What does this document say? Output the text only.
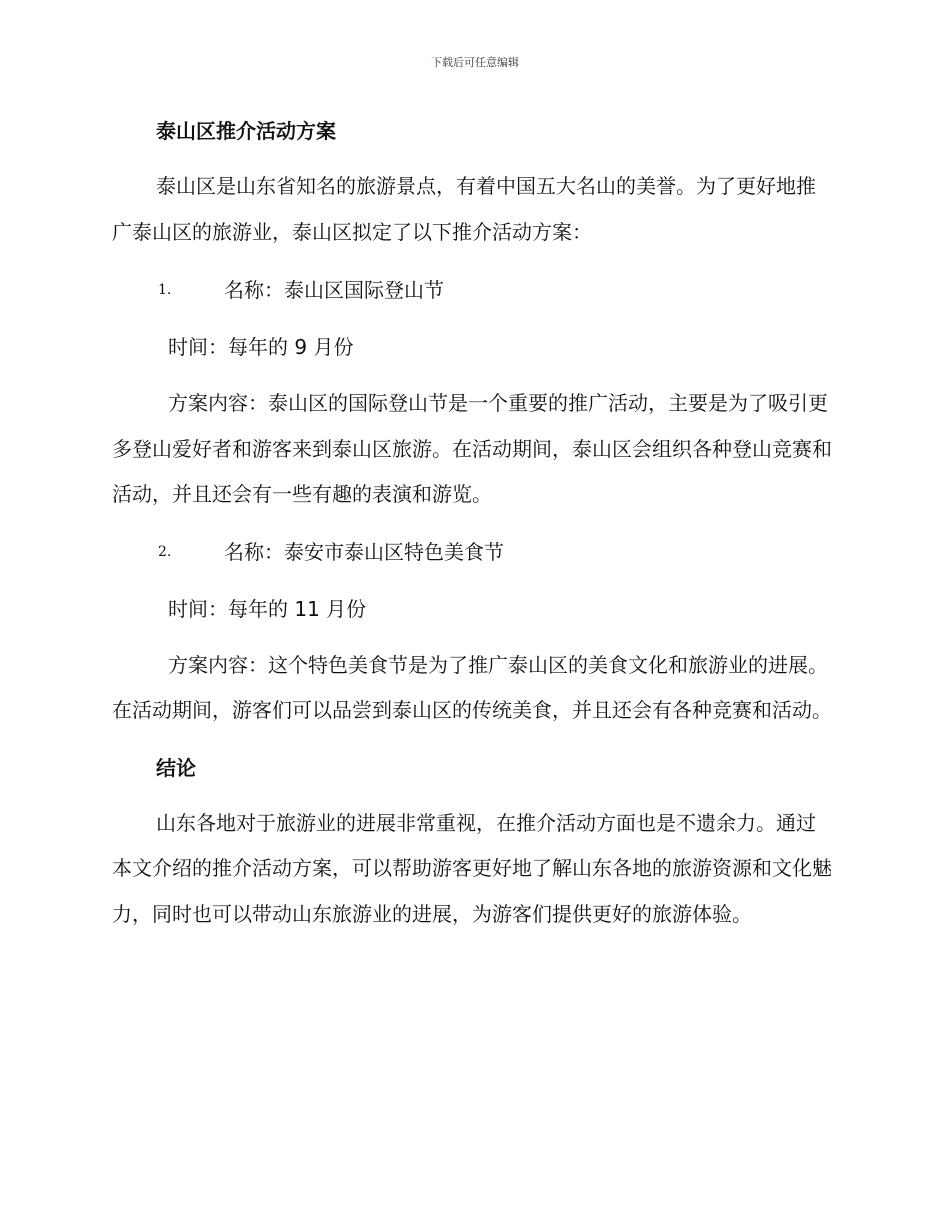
下载后可任意编辑
泰山区推介活动方案

泰山区是山东省知名的旅游景点，有着中国五大名山的美誉。为了更好地推广泰山区的旅游业，泰山区拟定了以下推介活动方案：

1.	名称：泰山区国际登山节
时间：每年的 9 月份

方案内容：泰山区的国际登山节是一个重要的推广活动，主要是为了吸引更多登山爱好者和游客来到泰山区旅游。在活动期间，泰山区会组织各种登山竞赛和活动，并且还会有一些有趣的表演和游览。

2.	名称：泰安市泰山区特色美食节
时间：每年的 11 月份

方案内容：这个特色美食节是为了推广泰山区的美食文化和旅游业的进展。在活动期间，游客们可以品尝到泰山区的传统美食，并且还会有各种竞赛和活动。

结论

山东各地对于旅游业的进展非常重视，在推介活动方面也是不遗余力。通过本文介绍的推介活动方案，可以帮助游客更好地了解山东各地的旅游资源和文化魅力，同时也可以带动山东旅游业的进展，为游客们提供更好的旅游体验。
